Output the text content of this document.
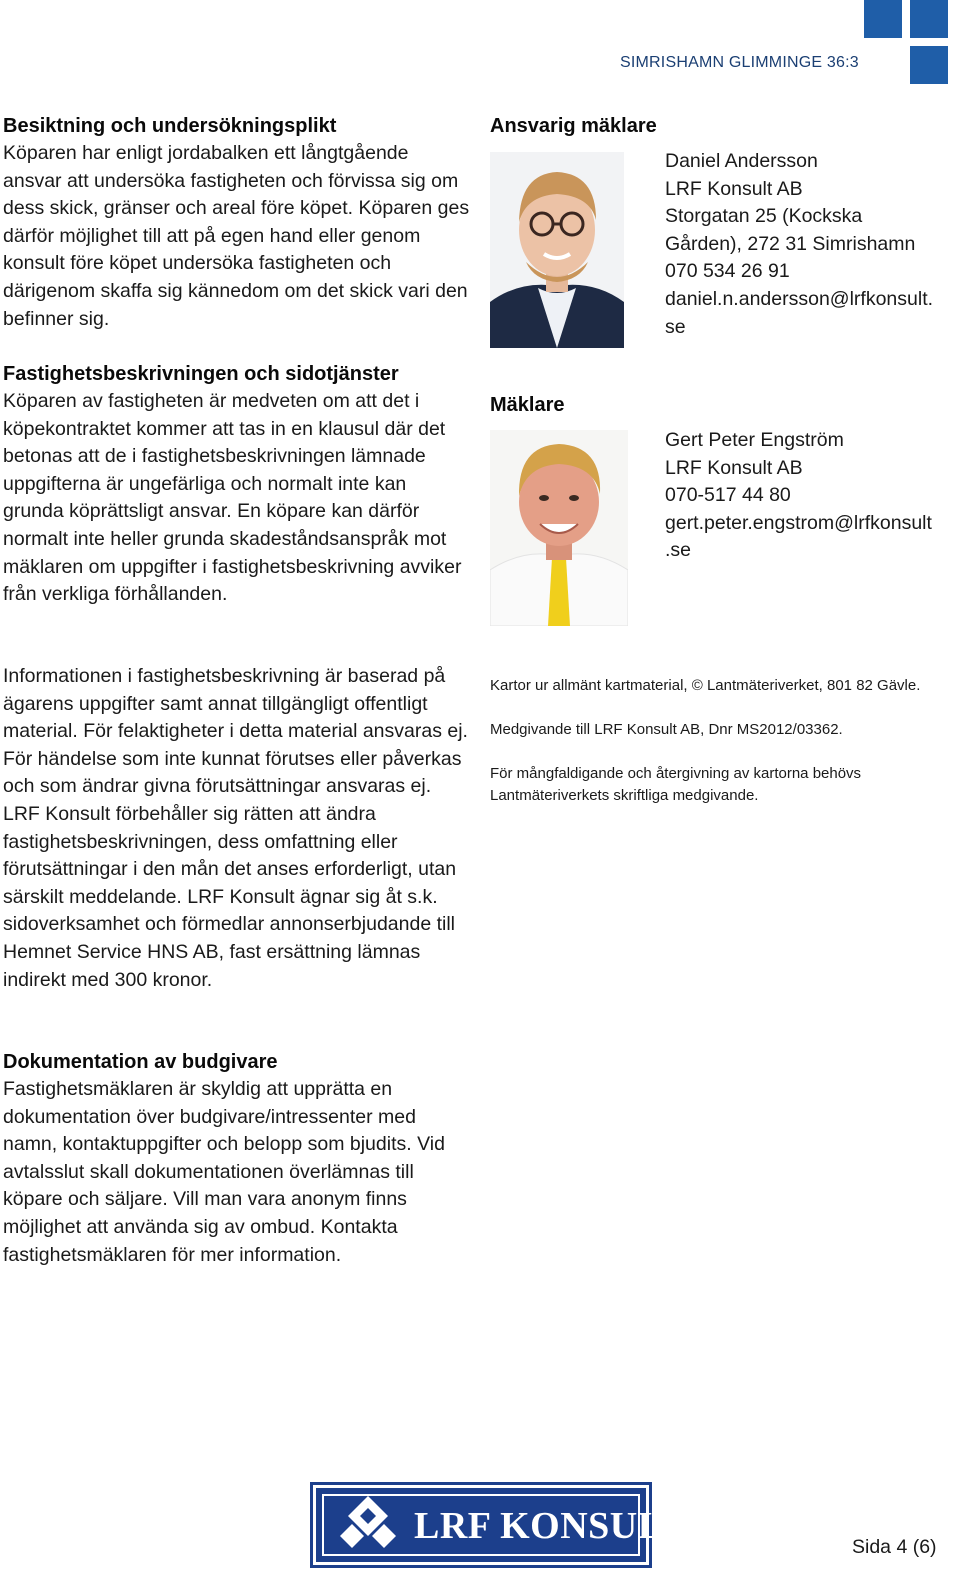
SIMRISHAMN GLIMMINGE 36:3
Besiktning och undersökningsplikt

Köparen har enligt jordabalken ett långtgående ansvar att undersöka fastigheten och förvissa sig om dess skick, gränser och areal före köpet. Köparen ges därför möjlighet till att på egen hand eller genom konsult före köpet undersöka fastigheten och därigenom skaffa sig kännedom om det skick vari den befinner sig.

Fastighetsbeskrivningen och sidotjänster

Köparen av fastigheten är medveten om att det i köpekontraktet kommer att tas in en klausul där det betonas att de i fastighetsbeskrivningen lämnade uppgifterna är ungefärliga och normalt inte kan grunda köprättsligt ansvar. En köpare kan därför normalt inte heller grunda skadeståndsanspråk mot mäklaren om uppgifter i fastighetsbeskrivning avviker från verkliga förhållanden.

Informationen i fastighetsbeskrivning är baserad på ägarens uppgifter samt annat tillgängligt offentligt material. För felaktigheter i detta material ansvaras ej. För händelse som inte kunnat förutses eller påverkas och som ändrar givna förutsättningar ansvaras ej. LRF Konsult förbehåller sig rätten att ändra fastighetsbeskrivningen, dess omfattning eller förutsättningar i den mån det anses erforderligt, utan särskilt meddelande. LRF Konsult ägnar sig åt s.k. sidoverksamhet och förmedlar annonserbjudande till Hemnet Service HNS AB, fast ersättning lämnas indirekt med 300 kronor.

Dokumentation av budgivare

Fastighetsmäklaren är skyldig att upprätta en dokumentation över budgivare/intressenter med namn, kontaktuppgifter och belopp som bjudits. Vid avtalsslut skall dokumentationen överlämnas till köpare och säljare. Vill man vara anonym finns möjlighet att använda sig av ombud. Kontakta fastighetsmäklaren för mer information.

Ansvarig mäklare
Daniel Andersson
LRF Konsult AB
Storgatan 25 (Kockska
Gården), 272 31 Simrishamn
070 534 26 91
daniel.n.andersson@lrfkonsult.
se
Mäklare
Gert Peter Engström
LRF Konsult AB
070-517 44 80
gert.peter.engstrom@lrfkonsult
.se

Kartor ur allmänt kartmaterial, © Lantmäteriverket, 801 82 Gävle.

Medgivande till LRF Konsult AB, Dnr MS2012/03362.

För mångfaldigande och återgivning av kartorna behövs Lantmäteriverkets skriftliga medgivande.

LRF KONSULT	Sida 4 (6)
